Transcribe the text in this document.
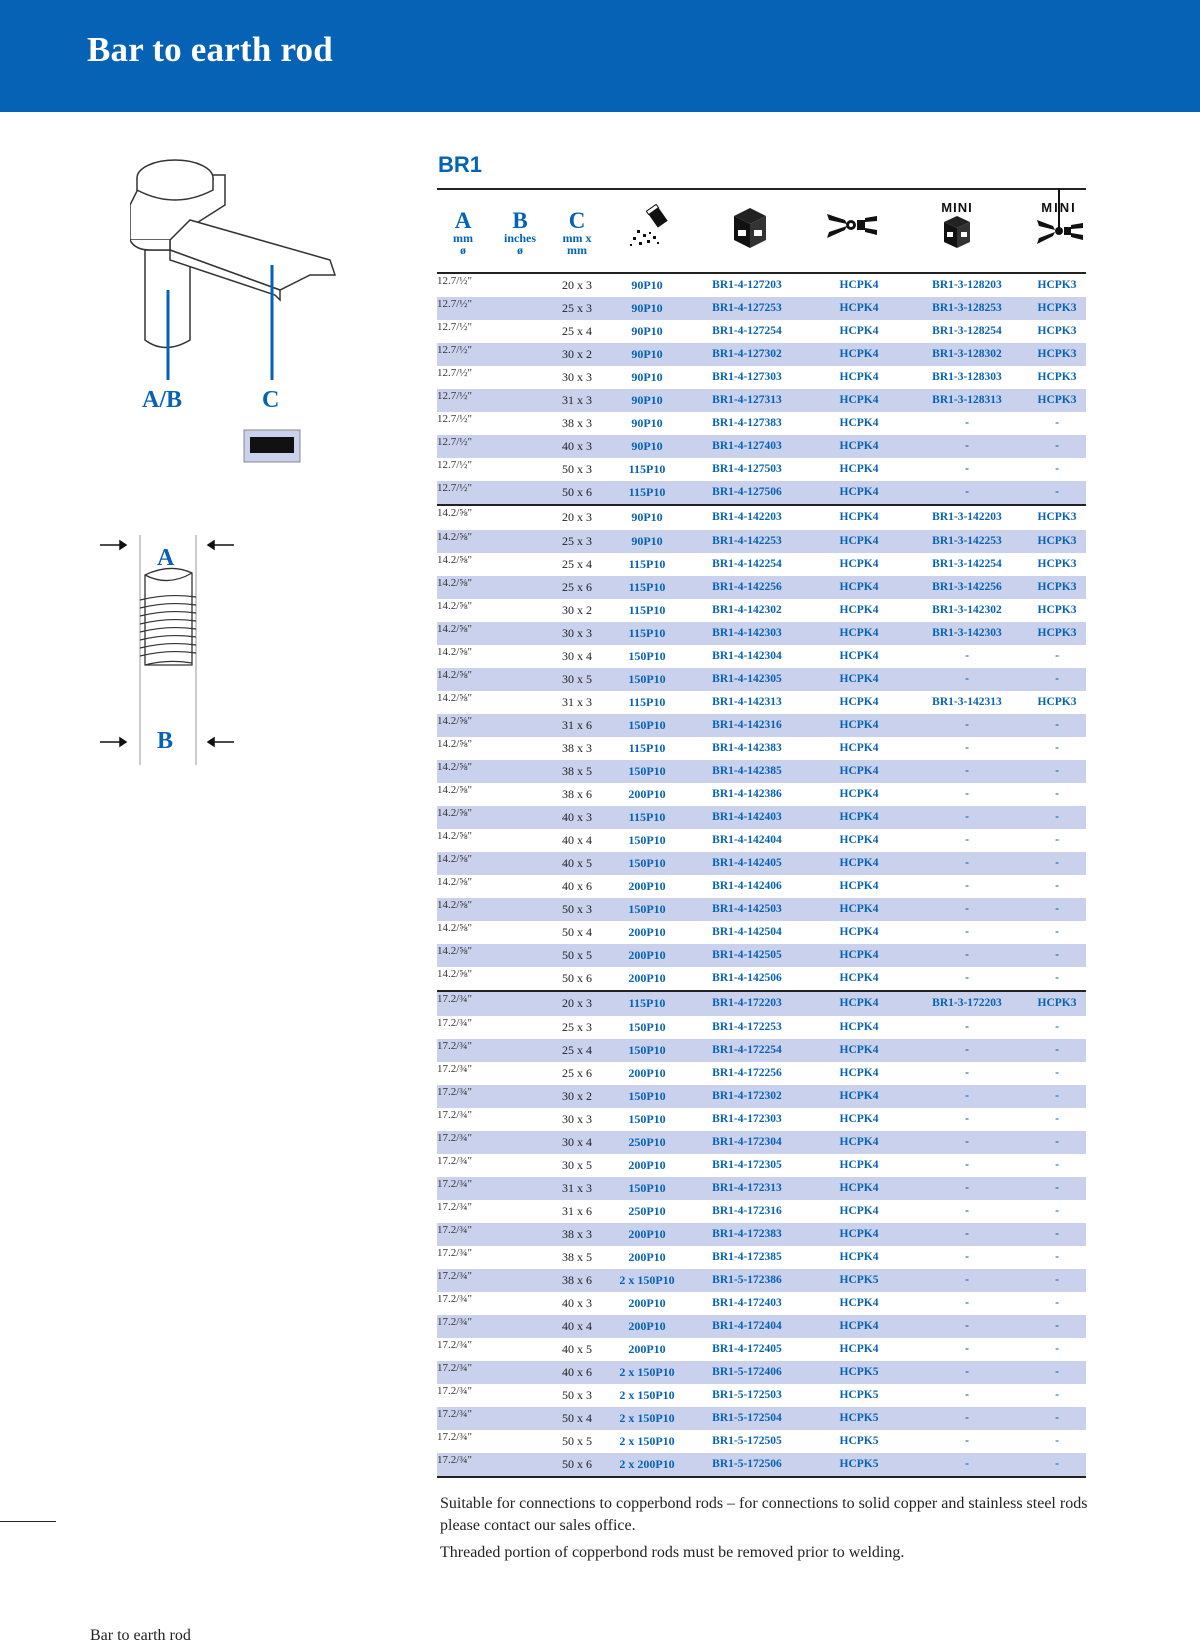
Bar to earth rod
A/B	C
A
B
BR1
A
mm
ø
B
inches
ø
C
mm x
mm
MINI	MINI
12.7/½"	20 x 3	90P10	BR1-4-127203	HCPK4	BR1-3-128203	HCPK3
12.7/½"	25 x 3	90P10	BR1-4-127253	HCPK4	BR1-3-128253	HCPK3
12.7/½"	25 x 4	90P10	BR1-4-127254	HCPK4	BR1-3-128254	HCPK3
12.7/½"	30 x 2	90P10	BR1-4-127302	HCPK4	BR1-3-128302	HCPK3
12.7/½"	30 x 3	90P10	BR1-4-127303	HCPK4	BR1-3-128303	HCPK3
12.7/½"	31 x 3	90P10	BR1-4-127313	HCPK4	BR1-3-128313	HCPK3
12.7/½"	38 x 3	90P10	BR1-4-127383	HCPK4	-	-
12.7/½"	40 x 3	90P10	BR1-4-127403	HCPK4	-	-
12.7/½"	50 x 3	115P10	BR1-4-127503	HCPK4	-	-
12.7/½"	50 x 6	115P10	BR1-4-127506	HCPK4	-	-
14.2/⅝"	20 x 3	90P10	BR1-4-142203	HCPK4	BR1-3-142203	HCPK3
14.2/⅝"	25 x 3	90P10	BR1-4-142253	HCPK4	BR1-3-142253	HCPK3
14.2/⅝"	25 x 4	115P10	BR1-4-142254	HCPK4	BR1-3-142254	HCPK3
14.2/⅝"	25 x 6	115P10	BR1-4-142256	HCPK4	BR1-3-142256	HCPK3
14.2/⅝"	30 x 2	115P10	BR1-4-142302	HCPK4	BR1-3-142302	HCPK3
14.2/⅝"	30 x 3	115P10	BR1-4-142303	HCPK4	BR1-3-142303	HCPK3
14.2/⅝"	30 x 4	150P10	BR1-4-142304	HCPK4	-	-
14.2/⅝"	30 x 5	150P10	BR1-4-142305	HCPK4	-	-
14.2/⅝"	31 x 3	115P10	BR1-4-142313	HCPK4	BR1-3-142313	HCPK3
14.2/⅝"	31 x 6	150P10	BR1-4-142316	HCPK4	-	-
14.2/⅝"	38 x 3	115P10	BR1-4-142383	HCPK4	-	-
14.2/⅝"	38 x 5	150P10	BR1-4-142385	HCPK4	-	-
14.2/⅝"	38 x 6	200P10	BR1-4-142386	HCPK4	-	-
14.2/⅝"	40 x 3	115P10	BR1-4-142403	HCPK4	-	-
14.2/⅝"	40 x 4	150P10	BR1-4-142404	HCPK4	-	-
14.2/⅝"	40 x 5	150P10	BR1-4-142405	HCPK4	-	-
14.2/⅝"	40 x 6	200P10	BR1-4-142406	HCPK4	-	-
14.2/⅝"	50 x 3	150P10	BR1-4-142503	HCPK4	-	-
14.2/⅝"	50 x 4	200P10	BR1-4-142504	HCPK4	-	-
14.2/⅝"	50 x 5	200P10	BR1-4-142505	HCPK4	-	-
14.2/⅝"	50 x 6	200P10	BR1-4-142506	HCPK4	-	-
17.2/¾"	20 x 3	115P10	BR1-4-172203	HCPK4	BR1-3-172203	HCPK3
17.2/¾"	25 x 3	150P10	BR1-4-172253	HCPK4	-	-
17.2/¾"	25 x 4	150P10	BR1-4-172254	HCPK4	-	-
17.2/¾"	25 x 6	200P10	BR1-4-172256	HCPK4	-	-
17.2/¾"	30 x 2	150P10	BR1-4-172302	HCPK4	-	-
17.2/¾"	30 x 3	150P10	BR1-4-172303	HCPK4	-	-
17.2/¾"	30 x 4	250P10	BR1-4-172304	HCPK4	-	-
17.2/¾"	30 x 5	200P10	BR1-4-172305	HCPK4	-	-
17.2/¾"	31 x 3	150P10	BR1-4-172313	HCPK4	-	-
17.2/¾"	31 x 6	250P10	BR1-4-172316	HCPK4	-	-
17.2/¾"	38 x 3	200P10	BR1-4-172383	HCPK4	-	-
17.2/¾"	38 x 5	200P10	BR1-4-172385	HCPK4	-	-
17.2/¾"	38 x 6	2 x 150P10	BR1-5-172386	HCPK5	-	-
17.2/¾"	40 x 3	200P10	BR1-4-172403	HCPK4	-	-
17.2/¾"	40 x 4	200P10	BR1-4-172404	HCPK4	-	-
17.2/¾"	40 x 5	200P10	BR1-4-172405	HCPK4	-	-
17.2/¾"	40 x 6	2 x 150P10	BR1-5-172406	HCPK5	-	-
17.2/¾"	50 x 3	2 x 150P10	BR1-5-172503	HCPK5	-	-
17.2/¾"	50 x 4	2 x 150P10	BR1-5-172504	HCPK5	-	-
17.2/¾"	50 x 5	2 x 150P10	BR1-5-172505	HCPK5	-	-
17.2/¾"	50 x 6	2 x 200P10	BR1-5-172506	HCPK5	-	-

Suitable for connections to copperbond rods – for connections to solid copper and stainless steel rods please contact our sales office.

Threaded portion of copperbond rods must be removed prior to welding.

Bar to earth rod
